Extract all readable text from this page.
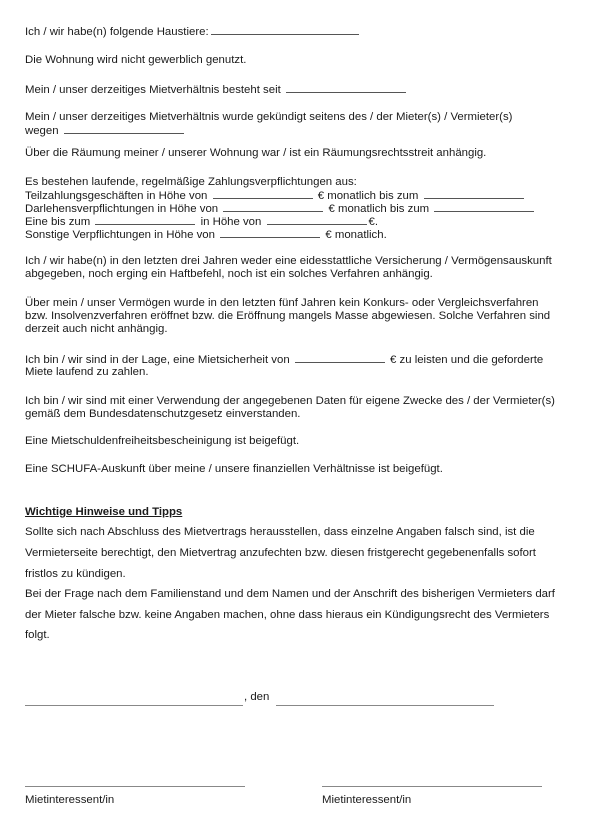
Ich / wir habe(n) folgende Haustiere:
Die Wohnung wird nicht gewerblich genutzt.
Mein / unser derzeitiges Mietverhältnis besteht seit
Mein / unser derzeitiges Mietverhältnis wurde gekündigt seitens des / der Mieter(s) / Vermieter(s)
wegen
Über die Räumung meiner / unserer Wohnung war / ist ein Räumungsrechtsstreit anhängig.
Es bestehen laufende, regelmäßige Zahlungsverpflichtungen aus:
Teilzahlungsgeschäften in Höhe von	€ monatlich bis zum
Darlehensverpflichtungen in Höhe von	€ monatlich bis zum
Eine bis zum	in Höhe von	€.
Sonstige Verpflichtungen in Höhe von	€ monatlich.
Ich / wir habe(n) in den letzten drei Jahren weder eine eidesstattliche Versicherung / Vermögensauskunft
abgegeben, noch erging ein Haftbefehl, noch ist ein solches Verfahren anhängig.
Über mein / unser Vermögen wurde in den letzten fünf Jahren kein Konkurs- oder Vergleichsverfahren
bzw. Insolvenzverfahren eröffnet bzw. die Eröffnung mangels Masse abgewiesen. Solche Verfahren sind
derzeit auch nicht anhängig.
Ich bin / wir sind in der Lage, eine Mietsicherheit von	€ zu leisten und die geforderte
Miete laufend zu zahlen.
Ich bin / wir sind mit einer Verwendung der angegebenen Daten für eigene Zwecke des / der Vermieter(s)
gemäß dem Bundesdatenschutzgesetz einverstanden.
Eine Mietschuldenfreiheitsbescheinigung ist beigefügt.
Eine SCHUFA-Auskunft über meine / unsere finanziellen Verhältnisse ist beigefügt.
Wichtige Hinweise und Tipps
Sollte sich nach Abschluss des Mietvertrags herausstellen, dass einzelne Angaben falsch sind, ist die
Vermieterseite berechtigt, den Mietvertrag anzufechten bzw. diesen fristgerecht gegebenenfalls sofort
fristlos zu kündigen.
Bei der Frage nach dem Familienstand und dem Namen und der Anschrift des bisherigen Vermieters darf
der Mieter falsche bzw. keine Angaben machen, ohne dass hieraus ein Kündigungsrecht des Vermieters
folgt.
, den
Mietinteressent/in	Mietinteressent/in
